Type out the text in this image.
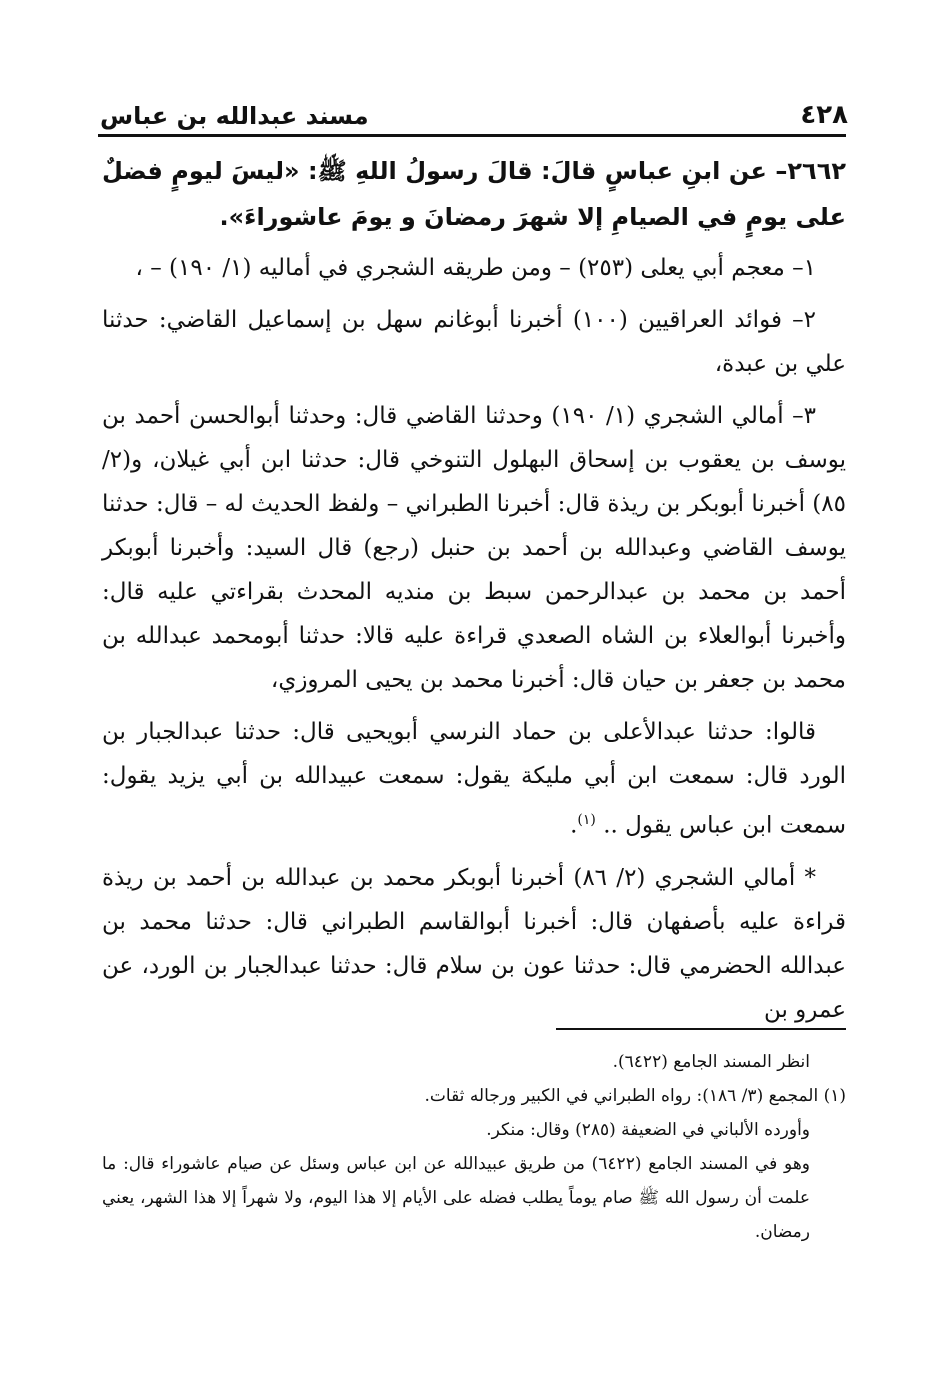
مسند عبدالله بن عباس	٤٢٨

٢٦٦٢– عن ابنِ عباسٍ قالَ: قالَ رسولُ اللهِ ﷺ: «ليسَ ليومٍ فضلٌ على يومٍ في الصيامِ إلا شهرَ رمضانَ و يومَ عاشوراءَ».

١– معجم أبي يعلى (٢٥٣) – ومن طريقه الشجري في أماليه (١/ ١٩٠) – ،

٢– فوائد العراقيين (١٠٠) أخبرنا أبوغانم سهل بن إسماعيل القاضي: حدثنا علي بن عبدة،

٣– أمالي الشجري (١/ ١٩٠) وحدثنا القاضي قال: وحدثنا أبوالحسن أحمد بن يوسف بن يعقوب بن إسحاق البهلول التنوخي قال: حدثنا ابن أبي غيلان، و(٢/ ٨٥) أخبرنا أبوبكر بن ريذة قال: أخبرنا الطبراني – ولفظ الحديث له – قال: حدثنا يوسف القاضي وعبدالله بن أحمد بن حنبل (رجع) قال السيد: وأخبرنا أبوبكر أحمد بن محمد بن عبدالرحمن سبط بن منديه المحدث بقراءتي عليه قال: وأخبرنا أبوالعلاء بن الشاه الصعدي قراءة عليه قالا: حدثنا أبومحمد عبدالله بن محمد بن جعفر بن حيان قال: أخبرنا محمد بن يحيى المروزي،

قالوا: حدثنا عبدالأعلى بن حماد النرسي أبويحيى قال: حدثنا عبدالجبار بن الورد قال: سمعت ابن أبي مليكة يقول: سمعت عبيدالله بن أبي يزيد يقول: سمعت ابن عباس يقول .. $^{(١)}$.

* أمالي الشجري (٢/ ٨٦) أخبرنا أبوبكر محمد بن عبدالله بن أحمد بن ريذة قراءة عليه بأصفهان قال: أخبرنا أبوالقاسم الطبراني قال: حدثنا محمد بن عبدالله الحضرمي قال: حدثنا عون بن سلام قال: حدثنا عبدالجبار بن الورد، عن عمرو بن

انظر المسند الجامع (٦٤٢٢).

(١) المجمع (٣/ ١٨٦): رواه الطبراني في الكبير ورجاله ثقات.

وأورده الألباني في الضعيفة (٢٨٥) وقال: منكر.

وهو في المسند الجامع (٦٤٢٢) من طريق عبيدالله عن ابن عباس وسئل عن صيام عاشوراء قال: ما علمت أن رسول الله ﷺ صام يوماً يطلب فضله على الأيام إلا هذا اليوم، ولا شهراً إلا هذا الشهر، يعني رمضان.
